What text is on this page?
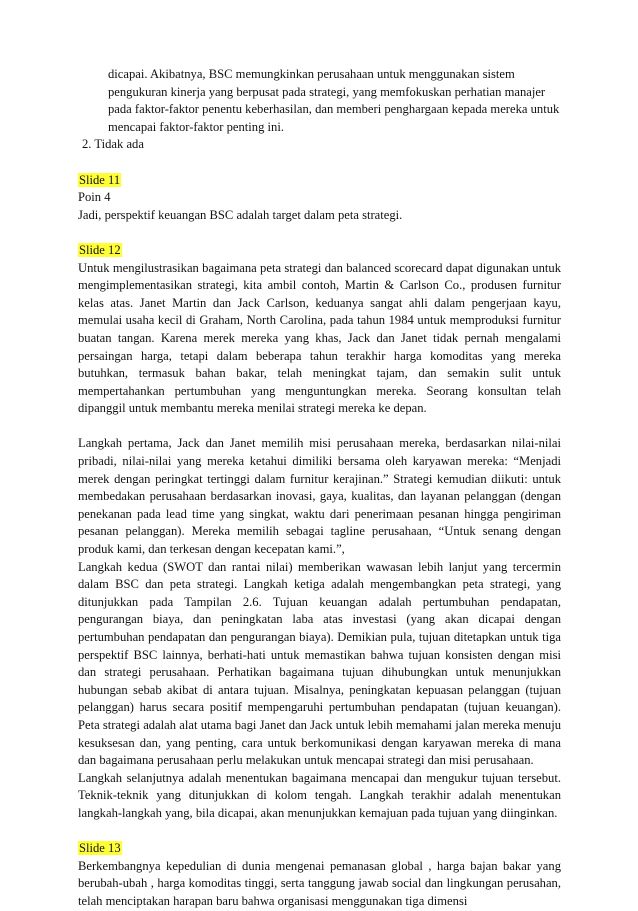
dicapai. Akibatnya, BSC memungkinkan perusahaan untuk menggunakan sistem pengukuran kinerja yang berpusat pada strategi, yang memfokuskan perhatian manajer pada faktor-faktor penentu keberhasilan, dan memberi penghargaan kepada mereka untuk mencapai faktor-faktor penting ini.

2. Tidak ada

Slide 11

Poin 4

Jadi, perspektif keuangan BSC adalah target dalam peta strategi.

Slide 12

Untuk mengilustrasikan bagaimana peta strategi dan balanced scorecard dapat digunakan untuk mengimplementasikan strategi, kita ambil contoh, Martin & Carlson Co., produsen furnitur kelas atas. Janet Martin dan Jack Carlson, keduanya sangat ahli dalam pengerjaan kayu, memulai usaha kecil di Graham, North Carolina, pada tahun 1984 untuk memproduksi furnitur buatan tangan. Karena merek mereka yang khas, Jack dan Janet tidak pernah mengalami persaingan harga, tetapi dalam beberapa tahun terakhir harga komoditas yang mereka butuhkan, termasuk bahan bakar, telah meningkat tajam, dan semakin sulit untuk mempertahankan pertumbuhan yang menguntungkan mereka. Seorang konsultan telah dipanggil untuk membantu mereka menilai strategi mereka ke depan.

Langkah pertama, Jack dan Janet memilih misi perusahaan mereka, berdasarkan nilai-nilai pribadi, nilai-nilai yang mereka ketahui dimiliki bersama oleh karyawan mereka: “Menjadi merek dengan peringkat tertinggi dalam furnitur kerajinan.” Strategi kemudian diikuti: untuk membedakan perusahaan berdasarkan inovasi, gaya, kualitas, dan layanan pelanggan (dengan penekanan pada lead time yang singkat, waktu dari penerimaan pesanan hingga pengiriman pesanan pelanggan). Mereka memilih sebagai tagline perusahaan, “Untuk senang dengan produk kami, dan terkesan dengan kecepatan kami.”,

Langkah kedua (SWOT dan rantai nilai) memberikan wawasan lebih lanjut yang tercermin dalam BSC dan peta strategi. Langkah ketiga adalah mengembangkan peta strategi, yang ditunjukkan pada Tampilan 2.6. Tujuan keuangan adalah pertumbuhan pendapatan, pengurangan biaya, dan peningkatan laba atas investasi (yang akan dicapai dengan pertumbuhan pendapatan dan pengurangan biaya). Demikian pula, tujuan ditetapkan untuk tiga perspektif BSC lainnya, berhati-hati untuk memastikan bahwa tujuan konsisten dengan misi dan strategi perusahaan. Perhatikan bagaimana tujuan dihubungkan untuk menunjukkan hubungan sebab akibat di antara tujuan. Misalnya, peningkatan kepuasan pelanggan (tujuan pelanggan) harus secara positif mempengaruhi pertumbuhan pendapatan (tujuan keuangan). Peta strategi adalah alat utama bagi Janet dan Jack untuk lebih memahami jalan mereka menuju kesuksesan dan, yang penting, cara untuk berkomunikasi dengan karyawan mereka di mana dan bagaimana perusahaan perlu melakukan untuk mencapai strategi dan misi perusahaan.

Langkah selanjutnya adalah menentukan bagaimana mencapai dan mengukur tujuan tersebut. Teknik-teknik yang ditunjukkan di kolom tengah. Langkah terakhir adalah menentukan langkah-langkah yang, bila dicapai, akan menunjukkan kemajuan pada tujuan yang diinginkan.

Slide 13

Berkembangnya kepedulian di dunia mengenai pemanasan global , harga bajan bakar yang berubah-ubah , harga komoditas tinggi, serta tanggung jawab social dan lingkungan perusahan, telah menciptakan harapan baru bahwa organisasi menggunakan tiga dimensi
